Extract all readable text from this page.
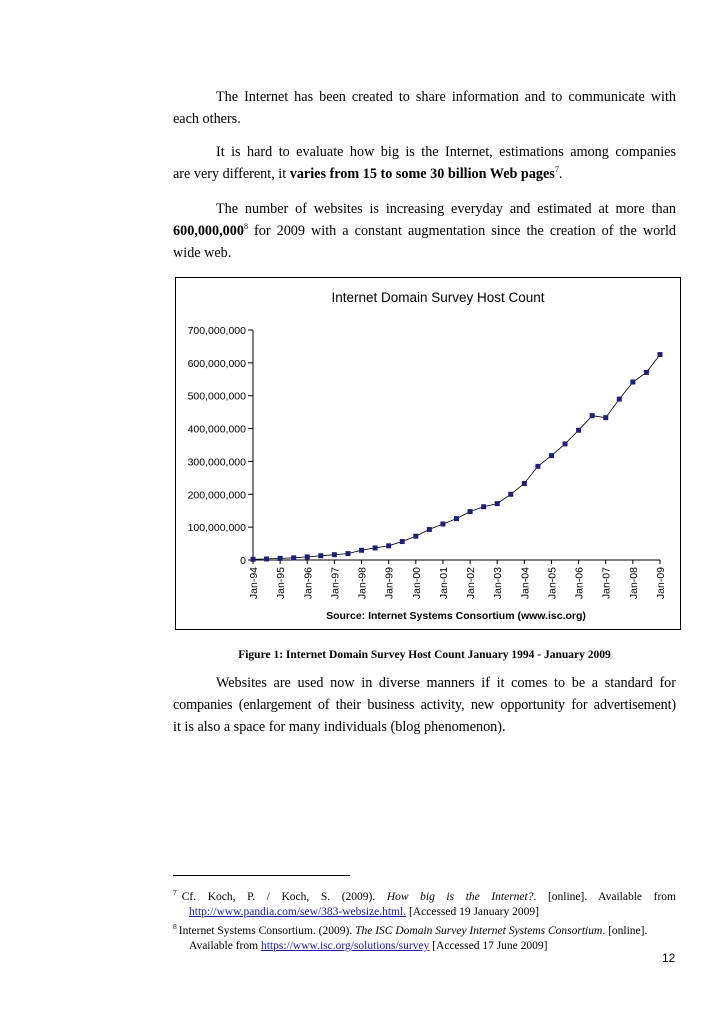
The Internet has been created to share information and to communicate with
each others.
It is hard to evaluate how big is the Internet, estimations among companies
are very different, it varies from 15 to some 30 billion Web pages$^7$.
The number of websites is increasing everyday and estimated at more than
600,000,000$^8$ for 2009 with a constant augmentation since the creation of the world
wide web.
Internet Domain Survey Host Count
0
100,000,000
200,000,000
300,000,000
400,000,000
500,000,000
600,000,000
700,000,000
Jan-94 Jan-95 Jan-96 Jan-97 Jan-98 Jan-99 Jan-00 Jan-01 Jan-02 Jan-03 Jan-04 Jan-05 Jan-06 Jan-07 Jan-08 Jan-09
Source: Internet Systems Consortium (www.isc.org)
Figure 1: Internet Domain Survey Host Count January 1994 - January 2009
Websites are used now in diverse manners if it comes to be a standard for
companies (enlargement of their business activity, new opportunity for advertisement)
it is also a space for many individuals (blog phenomenon).
$^7$ Cf. Koch, P. / Koch, S. (2009). How big is the Internet?. [online]. Available from
http://www.pandia.com/sew/383-websize.html. [Accessed 19 January 2009]
$^8$ Internet Systems Consortium. (2009). The ISC Domain Survey Internet Systems Consortium. [online].
Available from https://www.isc.org/solutions/survey [Accessed 17 June 2009]
12
